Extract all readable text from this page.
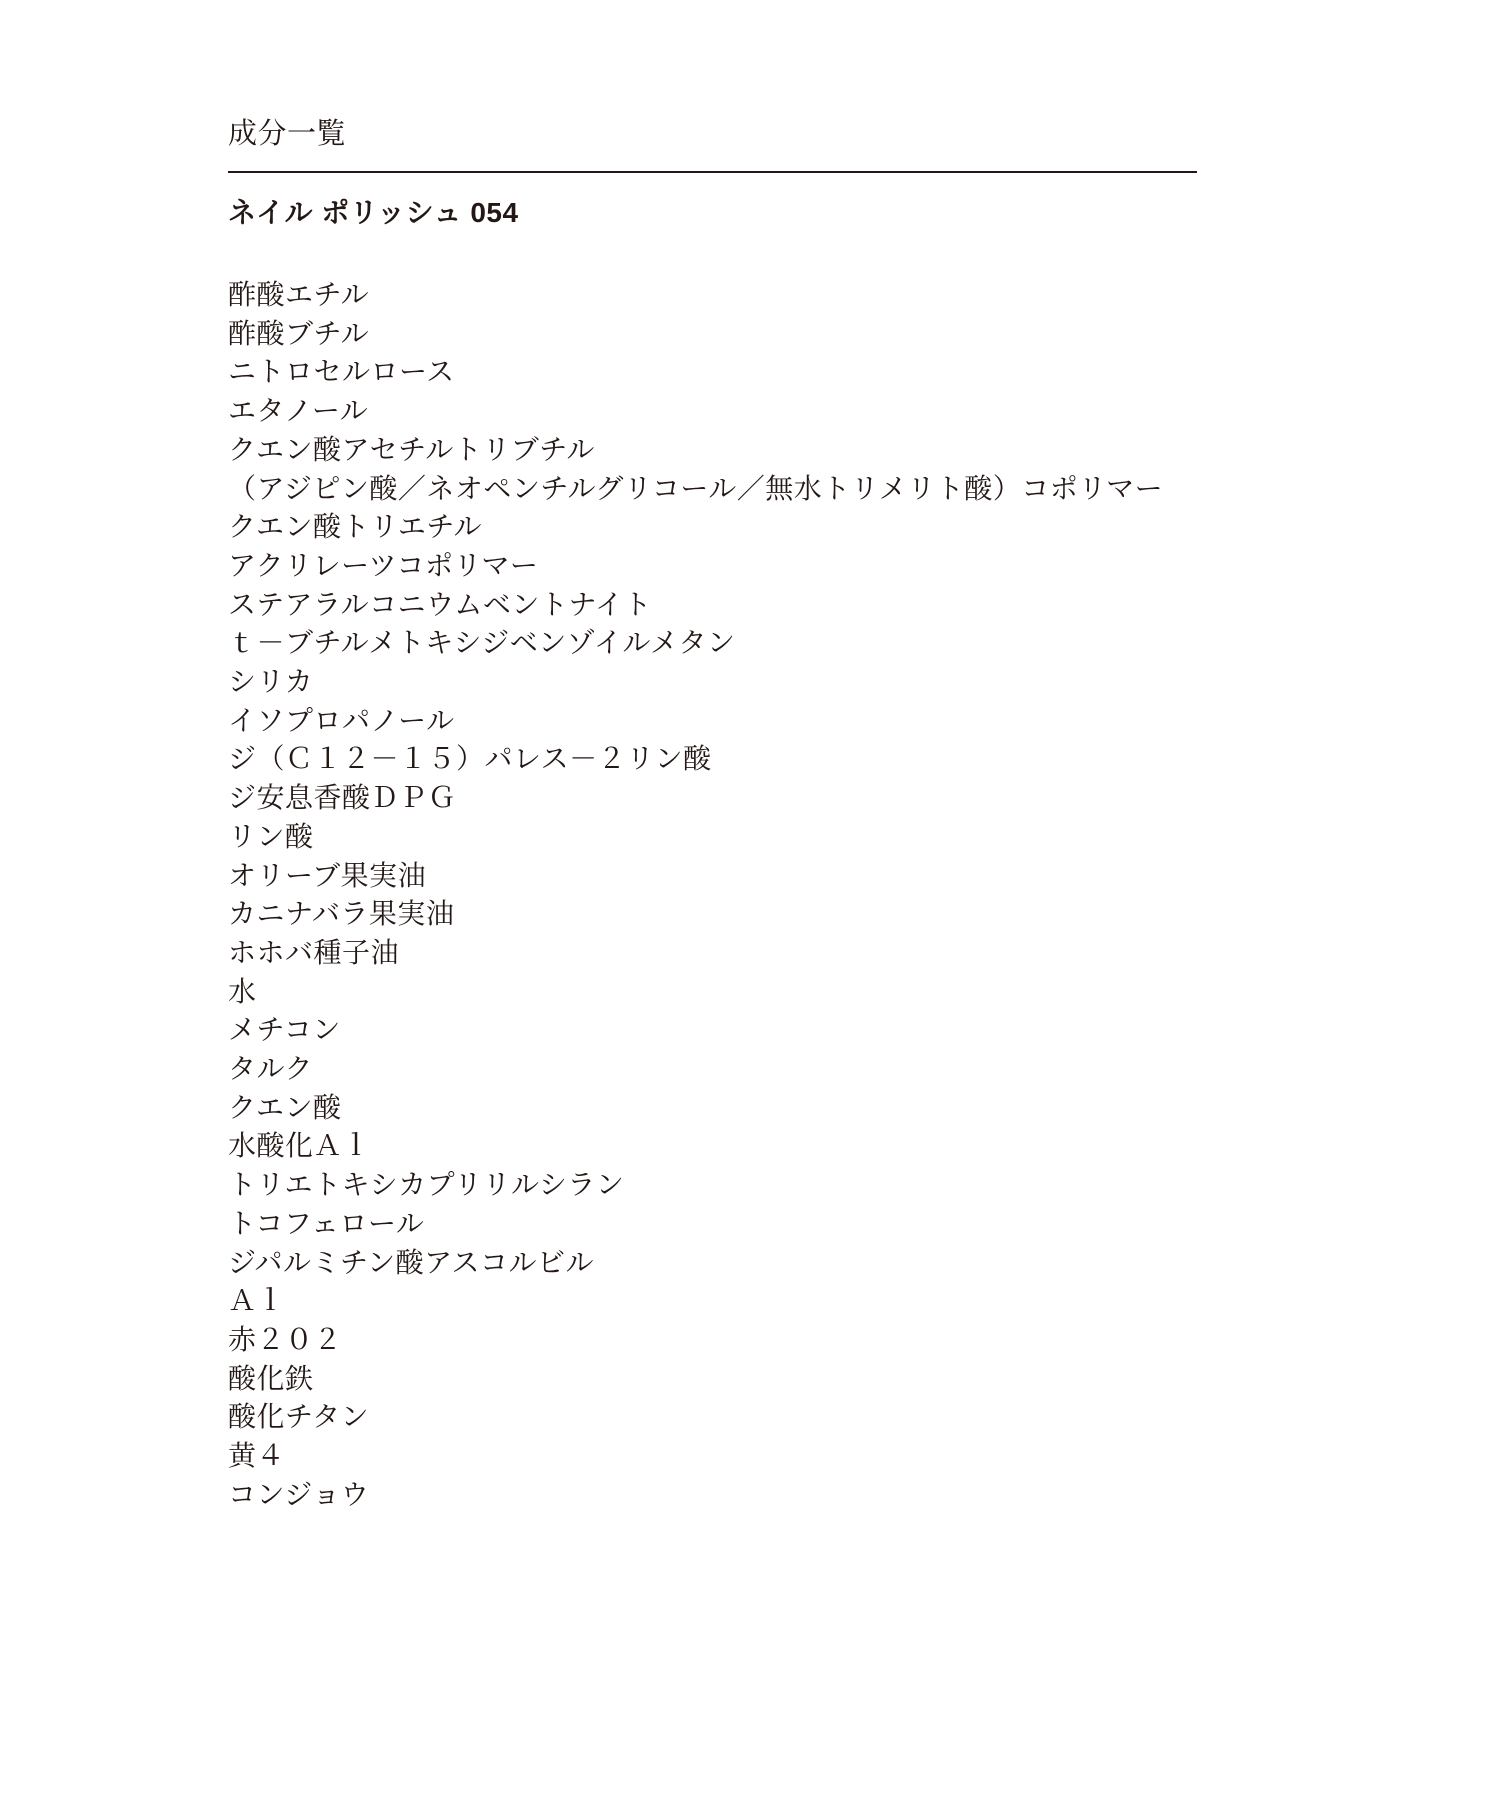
成分一覧
ネイル ポリッシュ 054
酢酸エチル
酢酸ブチル
ニトロセルロース
エタノール
クエン酸アセチルトリブチル
（アジピン酸／ネオペンチルグリコール／無水トリメリト酸）コポリマー
クエン酸トリエチル
アクリレーツコポリマー
ステアラルコニウムベントナイト
ｔ－ブチルメトキシジベンゾイルメタン
シリカ
イソプロパノール
ジ（Ｃ１２－１５）パレス－２リン酸
ジ安息香酸ＤＰＧ
リン酸
オリーブ果実油
カニナバラ果実油
ホホバ種子油
水
メチコン
タルク
クエン酸
水酸化Ａｌ
トリエトキシカプリリルシラン
トコフェロール
ジパルミチン酸アスコルビル
Ａｌ
赤２０２
酸化鉄
酸化チタン
黄４
コンジョウ
